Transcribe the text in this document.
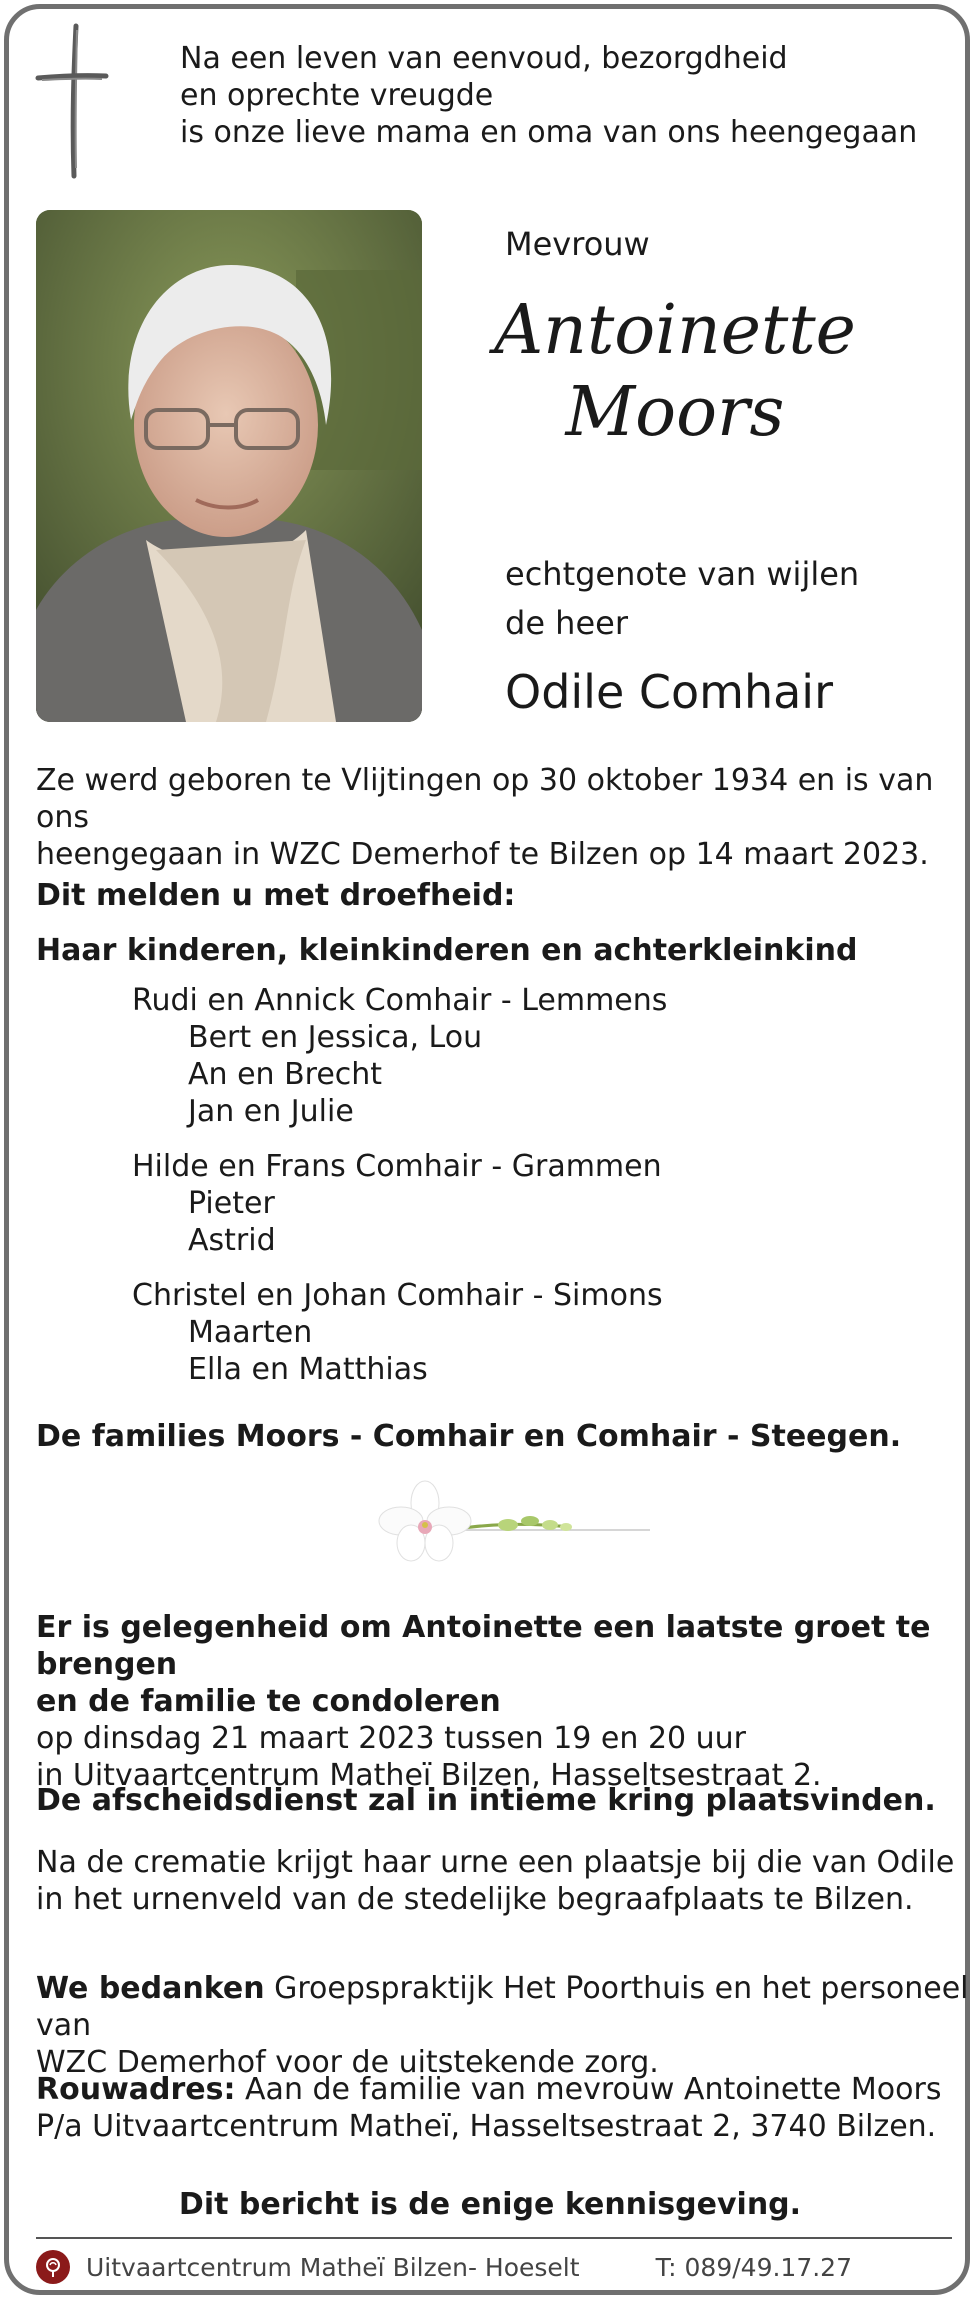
Na een leven van eenvoud, bezorgdheid
en oprechte vreugde
is onze lieve mama en oma van ons heengegaan
Mevrouw
Antoinette
Moors
echtgenote van wijlen
de heer
Odile Comhair
Ze werd geboren te Vlijtingen op 30 oktober 1934 en is van ons
heengegaan in WZC Demerhof te Bilzen op 14 maart 2023.
Dit melden u met droefheid:
Haar kinderen, kleinkinderen en achterkleinkind
Rudi en Annick Comhair - Lemmens
Bert en Jessica, Lou
An en Brecht
Jan en Julie
Hilde en Frans Comhair - Grammen
Pieter
Astrid
Christel en Johan Comhair - Simons
Maarten
Ella en Matthias
De families Moors - Comhair en Comhair - Steegen.
Er is gelegenheid om Antoinette een laatste groet te brengen
en de familie te condoleren
op dinsdag 21 maart 2023 tussen 19 en 20 uur
in Uitvaartcentrum Matheï Bilzen, Hasseltsestraat 2.
De afscheidsdienst zal in intieme kring plaatsvinden.
Na de crematie krijgt haar urne een plaatsje bij die van Odile
in het urnenveld van de stedelijke begraafplaats te Bilzen.
We bedanken Groepspraktijk Het Poorthuis en het personeel van
WZC Demerhof voor de uitstekende zorg.
Rouwadres: Aan de familie van mevrouw Antoinette Moors
P/a Uitvaartcentrum Matheï, Hasseltsestraat 2, 3740 Bilzen.
Dit bericht is de enige kennisgeving.
Uitvaartcentrum Matheï Bilzen- Hoeselt	T: 089/49.17.27
